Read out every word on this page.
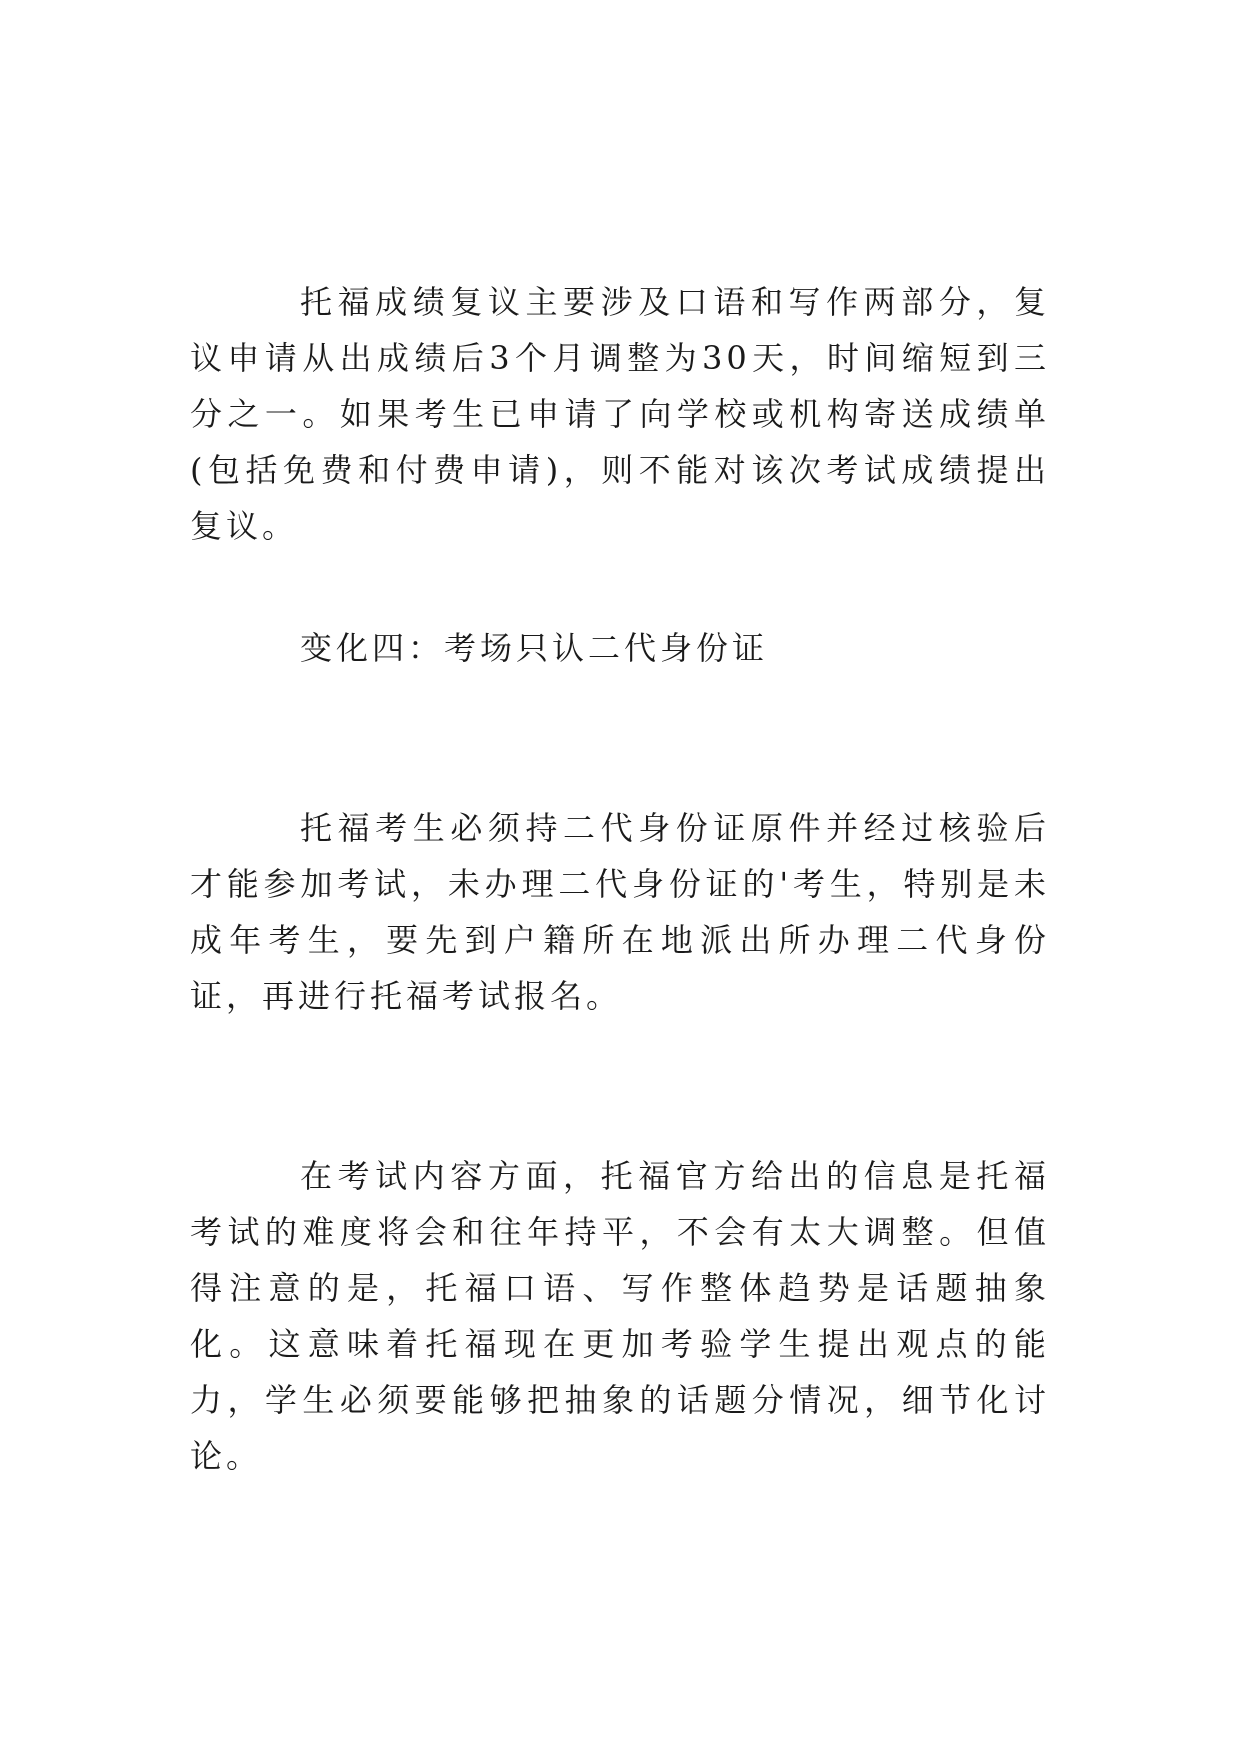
托福成绩复议主要涉及口语和写作两部分，复议申请从出成绩后3个月调整为30天，时间缩短到三分之一。如果考生已申请了向学校或机构寄送成绩单(包括免费和付费申请)，则不能对该次考试成绩提出复议。

变化四：考场只认二代身份证

托福考生必须持二代身份证原件并经过核验后才能参加考试，未办理二代身份证的'考生，特别是未成年考生，要先到户籍所在地派出所办理二代身份证，再进行托福考试报名。

在考试内容方面，托福官方给出的信息是托福考试的难度将会和往年持平，不会有太大调整。但值得注意的是，托福口语、写作整体趋势是话题抽象化。这意味着托福现在更加考验学生提出观点的能力，学生必须要能够把抽象的话题分情况，细节化讨论。
